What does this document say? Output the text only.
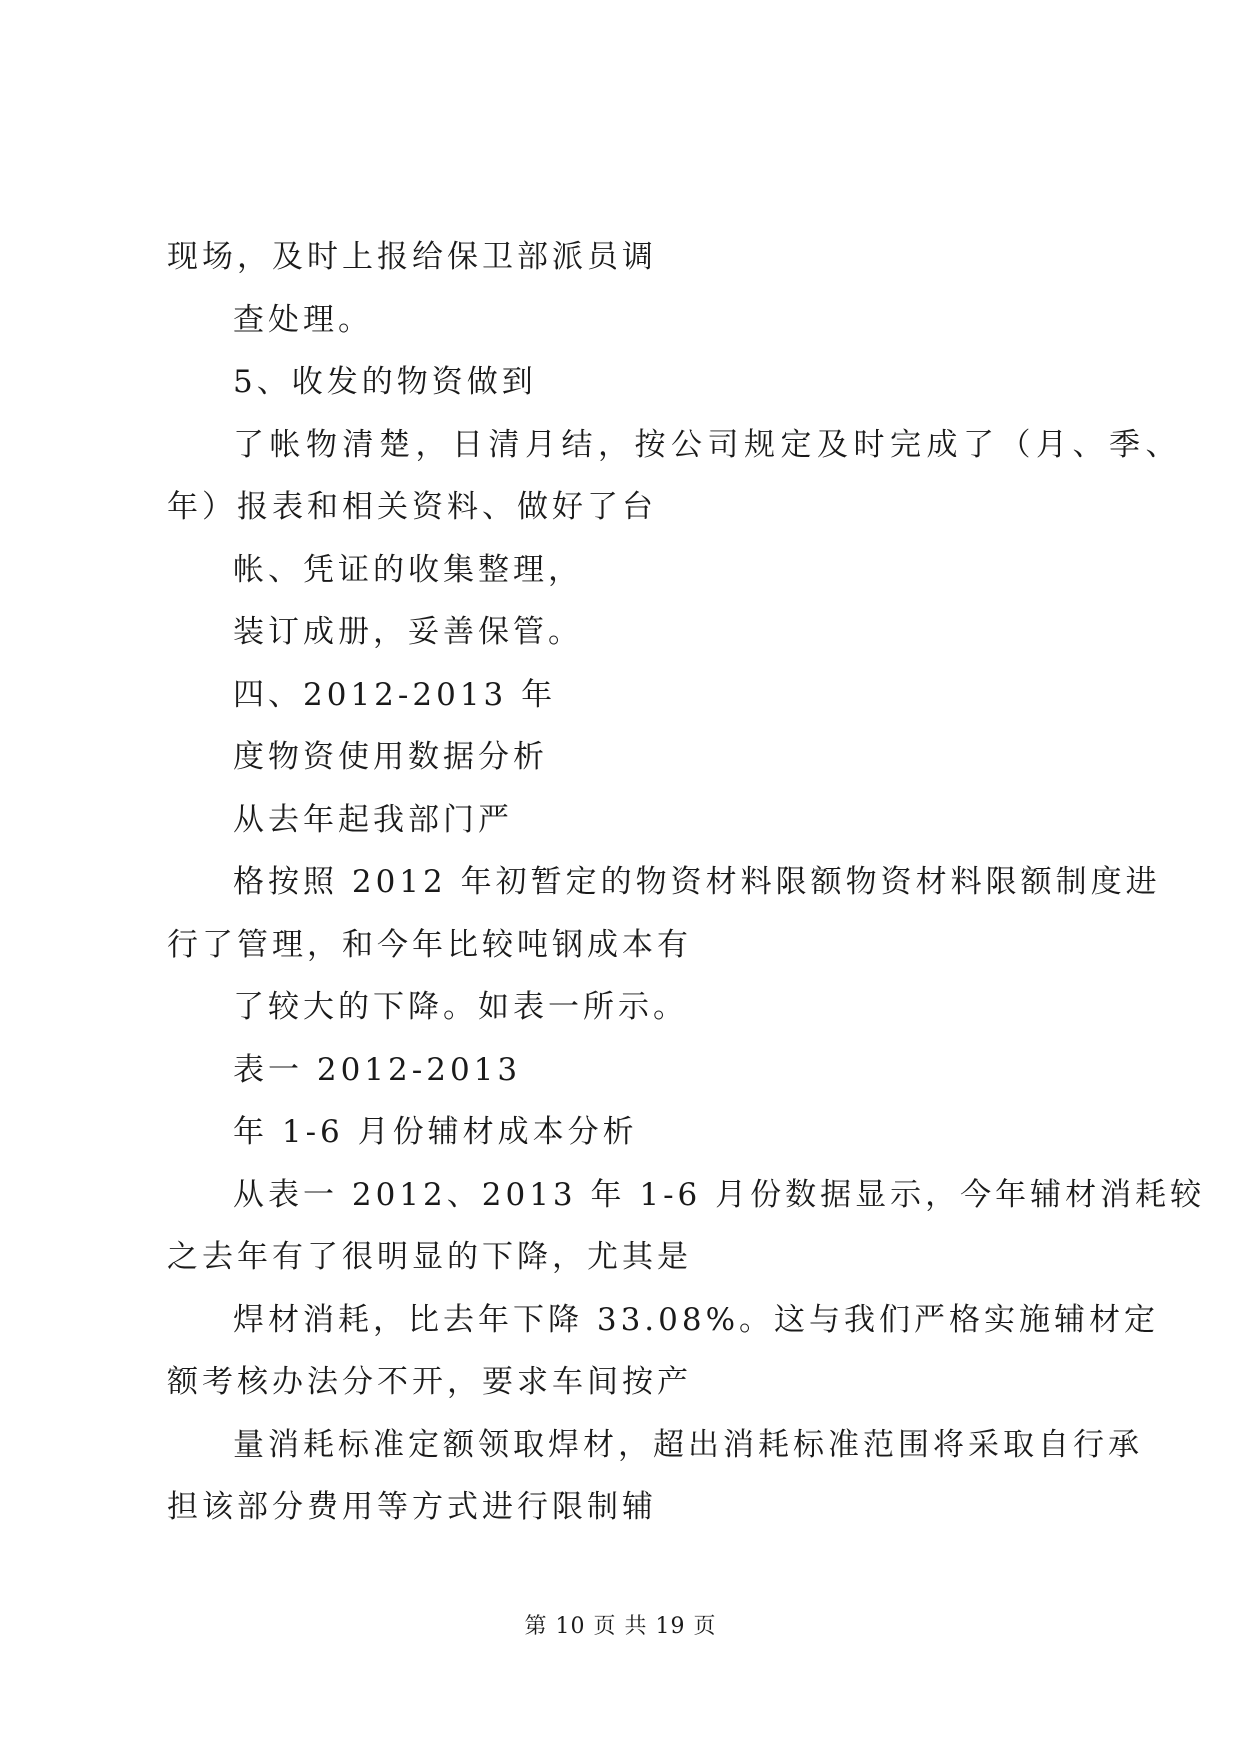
现场，及时上报给保卫部派员调
查处理。
5、收发的物资做到
了帐物清楚，日清月结，按公司规定及时完成了（月、季、
年）报表和相关资料、做好了台
帐、凭证的收集整理，
装订成册，妥善保管。
四、2012-2013 年
度物资使用数据分析
从去年起我部门严
格按照 2012 年初暂定的物资材料限额物资材料限额制度进
行了管理，和今年比较吨钢成本有
了较大的下降。如表一所示。
表一 2012-2013
年 1-6 月份辅材成本分析
从表一 2012、2013 年 1-6 月份数据显示，今年辅材消耗较
之去年有了很明显的下降，尤其是
焊材消耗，比去年下降 33.08%。这与我们严格实施辅材定
额考核办法分不开，要求车间按产
量消耗标准定额领取焊材，超出消耗标准范围将采取自行承
担该部分费用等方式进行限制辅
第 10 页 共 19 页
